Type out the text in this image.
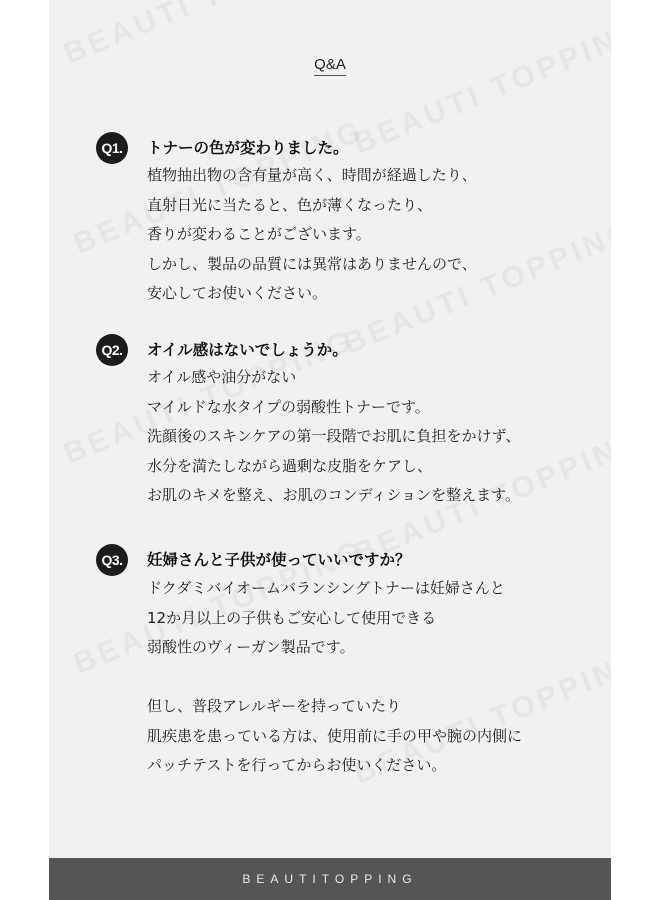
Q&A
Q1.	トナーの色が変わりました。
植物抽出物の含有量が高く、時間が経過したり、
直射日光に当たると、色が薄くなったり、
香りが変わることがございます。
しかし、製品の品質には異常はありませんので、
安心してお使いください。
Q2.	オイル感はないでしょうか。
オイル感や油分がない
マイルドな水タイプの弱酸性トナーです。
洗顔後のスキンケアの第一段階でお肌に負担をかけず、
水分を満たしながら過剰な皮脂をケアし、
お肌のキメを整え、お肌のコンディションを整えます。
Q3.	妊婦さんと子供が使っていいですか？
ドクダミバイオームバランシングトナーは妊婦さんと
12か月以上の子供もご安心して使用できる
弱酸性のヴィーガン製品です。
但し、普段アレルギーを持っていたり
肌疾患を患っている方は、使用前に手の甲や腕の内側に
パッチテストを行ってからお使いください。
BEAUTITOPPING
